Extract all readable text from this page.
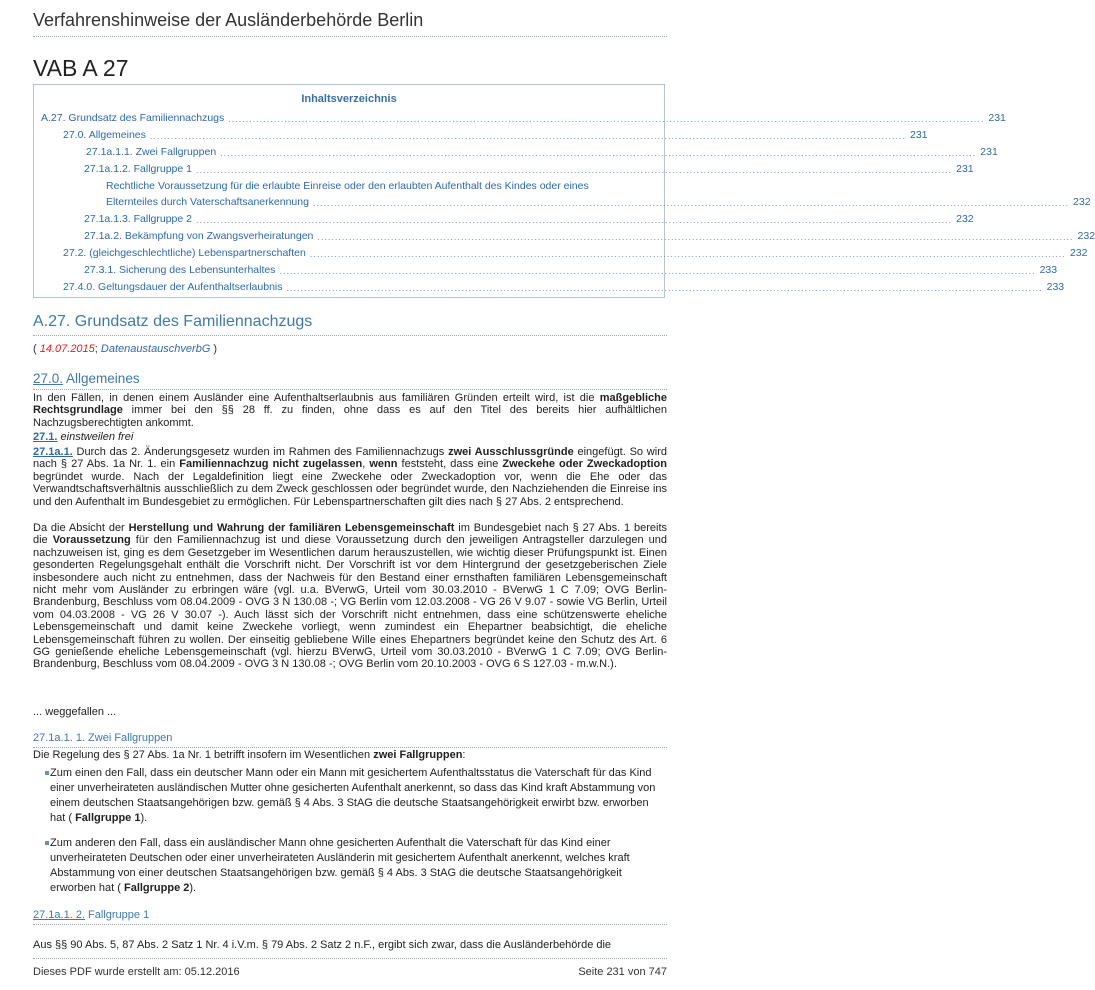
Verfahrenshinweise der Ausländerbehörde Berlin
VAB A 27
Inhaltsverzeichnis
A.27. Grundsatz des Familiennachzugs ........................................................................................................................................................................................................................ 231
27.0. Allgemeines ........................................................................................................................................................................................................................ 231
27.1a.1.1. Zwei Fallgruppen ........................................................................................................................................................................................................................ 231
27.1a.1.2. Fallgruppe 1 ........................................................................................................................................................................................................................ 231
Rechtliche Voraussetzung für die erlaubte Einreise oder den erlaubten Aufenthalt des Kindes oder eines
Elternteiles durch Vaterschaftsanerkennung ........................................................................................................................................................................................................................ 232
27.1a.1.3. Fallgruppe 2 ........................................................................................................................................................................................................................ 232
27.1a.2. Bekämpfung von Zwangsverheiratungen ........................................................................................................................................................................................................................ 232
27.2. (gleichgeschlechtliche) Lebenspartnerschaften ........................................................................................................................................................................................................................ 232
27.3.1. Sicherung des Lebensunterhaltes ........................................................................................................................................................................................................................ 233
27.4.0. Geltungsdauer der Aufenthaltserlaubnis ........................................................................................................................................................................................................................ 233
A.27. Grundsatz des Familiennachzugs
( 14.07.2015; DatenaustauschverbG )
27.0. Allgemeines
In den Fällen, in denen einem Ausländer eine Aufenthaltserlaubnis aus familiären Gründen erteilt wird, ist die maßgebliche Rechtsgrundlage immer bei den §§ 28 ff. zu finden, ohne dass es auf den Titel des bereits hier aufhältlichen Nachzugsberechtigten ankommt.
27.1. einstweilen frei
27.1a.1. Durch das 2. Änderungsgesetz wurden im Rahmen des Familiennachzugs zwei Ausschlussgründe eingefügt. So wird nach § 27 Abs. 1a Nr. 1. ein Familiennachzug nicht zugelassen, wenn feststeht, dass eine Zweckehe oder Zweckadoption begründet wurde. Nach der Legaldefinition liegt eine Zweckehe oder Zweckadoption vor, wenn die Ehe oder das Verwandtschaftsverhältnis ausschließlich zu dem Zweck geschlossen oder begründet wurde, den Nachziehenden die Einreise ins und den Aufenthalt im Bundesgebiet zu ermöglichen. Für Lebenspartnerschaften gilt dies nach § 27 Abs. 2 entsprechend.
Da die Absicht der Herstellung und Wahrung der familiären Lebensgemeinschaft im Bundesgebiet nach § 27 Abs. 1 bereits die Voraussetzung für den Familiennachzug ist und diese Voraussetzung durch den jeweiligen Antragsteller darzulegen und nachzuweisen ist, ging es dem Gesetzgeber im Wesentlichen darum herauszustellen, wie wichtig dieser Prüfungspunkt ist. Einen gesonderten Regelungsgehalt enthält die Vorschrift nicht. Der Vorschrift ist vor dem Hintergrund der gesetzgeberischen Ziele insbesondere auch nicht zu entnehmen, dass der Nachweis für den Bestand einer ernsthaften familiären Lebensgemeinschaft nicht mehr vom Ausländer zu erbringen wäre (vgl. u.a. BVerwG, Urteil vom 30.03.2010 - BVerwG 1 C 7.09; OVG Berlin-Brandenburg, Beschluss vom 08.04.2009 - OVG 3 N 130.08 -; VG Berlin vom 12.03.2008 - VG 26 V 9.07 - sowie VG Berlin, Urteil vom 04.03.2008 - VG 26 V 30.07 -). Auch lässt sich der Vorschrift nicht entnehmen, dass eine schützenswerte eheliche Lebensgemeinschaft und damit keine Zweckehe vorliegt, wenn zumindest ein Ehepartner beabsichtigt, die eheliche Lebensgemeinschaft führen zu wollen. Der einseitig gebliebene Wille eines Ehepartners begründet keine den Schutz des Art. 6 GG genießende eheliche Lebensgemeinschaft (vgl. hierzu BVerwG, Urteil vom 30.03.2010 - BVerwG 1 C 7.09; OVG Berlin-Brandenburg, Beschluss vom 08.04.2009 - OVG 3 N 130.08 -; OVG Berlin vom 20.10.2003 - OVG 6 S 127.03 - m.w.N.).
... weggefallen ...
27.1a.1. 1. Zwei Fallgruppen
Die Regelung des § 27 Abs. 1a Nr. 1 betrifft insofern im Wesentlichen zwei Fallgruppen:
Zum einen den Fall, dass ein deutscher Mann oder ein Mann mit gesichertem Aufenthaltsstatus die Vaterschaft für das Kind einer unverheirateten ausländischen Mutter ohne gesicherten Aufenthalt anerkennt, so dass das Kind kraft Abstammung von einem deutschen Staatsangehörigen bzw. gemäß § 4 Abs. 3 StAG die deutsche Staatsangehörigkeit erwirbt bzw. erworben hat ( Fallgruppe 1).
Zum anderen den Fall, dass ein ausländischer Mann ohne gesicherten Aufenthalt die Vaterschaft für das Kind einer unverheirateten Deutschen oder einer unverheirateten Ausländerin mit gesichertem Aufenthalt anerkennt, welches kraft Abstammung von einer deutschen Staatsangehörigen bzw. gemäß § 4 Abs. 3 StAG die deutsche Staatsangehörigkeit erworben hat ( Fallgruppe 2).
27.1a.1. 2. Fallgruppe 1
Aus §§ 90 Abs. 5, 87 Abs. 2 Satz 1 Nr. 4 i.V.m. § 79 Abs. 2 Satz 2 n.F., ergibt sich zwar, dass die Ausländerbehörde die
Dieses PDF wurde erstellt am: 05.12.2016	Seite 231 von 747
